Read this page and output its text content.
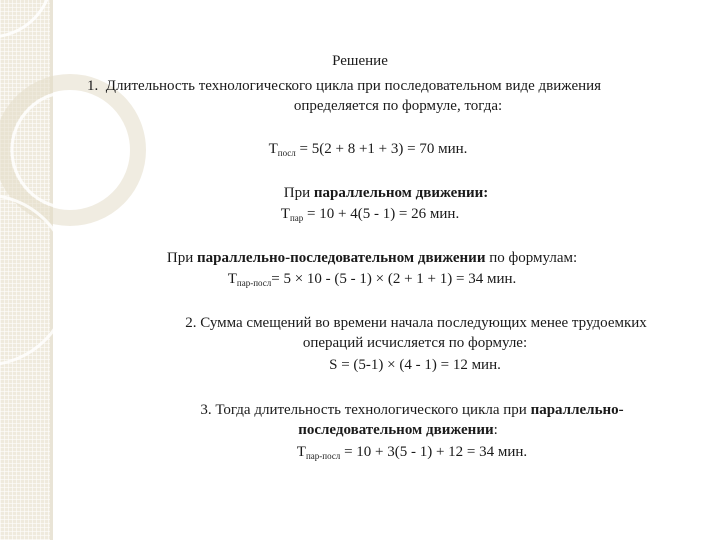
Решение
1. Длительность технологического цикла при последовательном виде движения
определяется по формуле, тогда:
$T_{посл} = 5(2 + 8 +1 + 3) = 70$ мин.
При параллельном движении:
$T_{пар} = 10 + 4(5 - 1) = 26$ мин.
При параллельно-последовательном движении по формулам:
$T_{пар-посл}= 5 \times 10 - (5 - 1) \times (2 + 1 + 1) = 34$ мин.
2. Сумма смещений во времени начала последующих менее трудоемких
операций исчисляется по формуле:
S = (5-1) × (4 - 1) = 12 мин.
3. Тогда длительность технологического цикла при параллельно-
последовательном движении:
$T_{пар-посл} = 10 + 3(5 - 1) + 12 = 34$ мин.
